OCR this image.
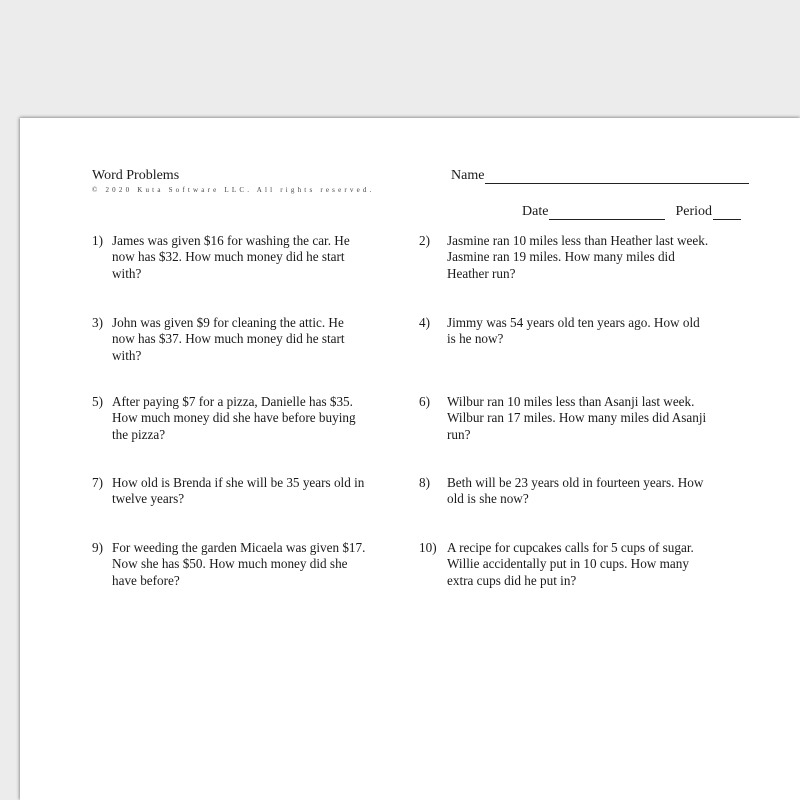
Word Problems
© 2020 Kuta Software LLC. All rights reserved.
Name
Date	Period
1) James was given $16 for washing the car. He now has $32. How much money did he start with?
2)	Jasmine ran 10 miles less than Heather last week. Jasmine ran 19 miles. How many miles did Heather run?
3) John was given $9 for cleaning the attic. He now has $37. How much money did he start with?
4)	Jimmy was 54 years old ten years ago. How old is he now?
5) After paying $7 for a pizza, Danielle has $35. How much money did she have before buying the pizza?
6)	Wilbur ran 10 miles less than Asanji last week. Wilbur ran 17 miles. How many miles did Asanji run?
7) How old is Brenda if she will be 35 years old in twelve years?
8)	Beth will be 23 years old in fourteen years. How old is she now?
9) For weeding the garden Micaela was given $17. Now she has $50. How much money did she have before?
10) A recipe for cupcakes calls for 5 cups of sugar. Willie accidentally put in 10 cups. How many extra cups did he put in?
